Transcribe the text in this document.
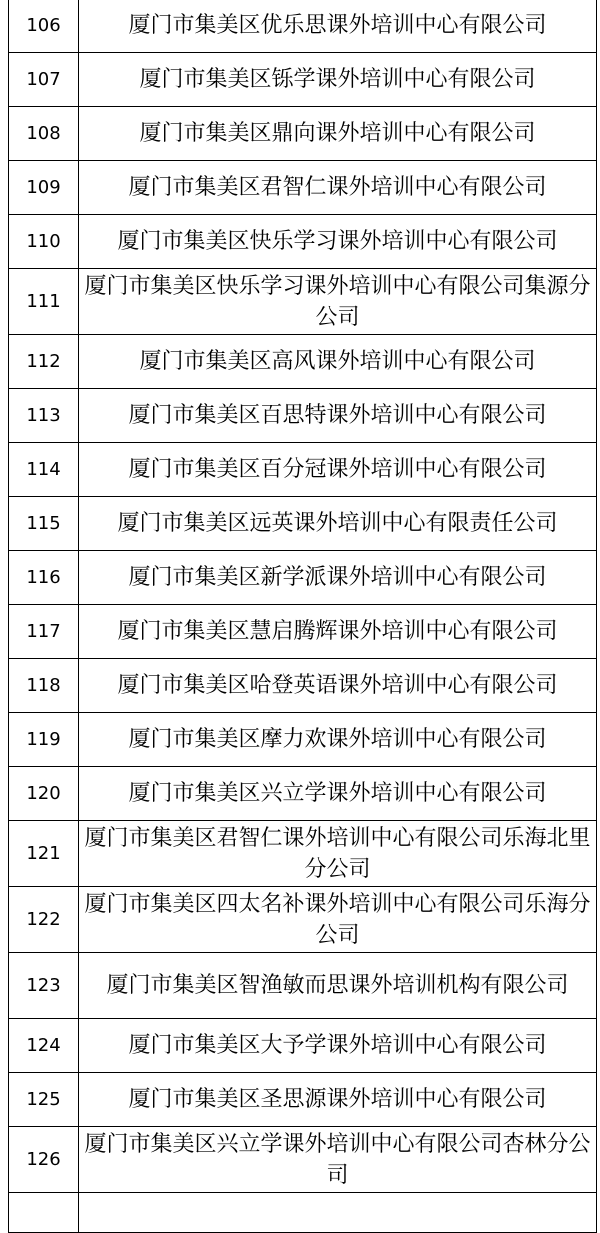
106	厦门市集美区优乐思课外培训中心有限公司
107	厦门市集美区铄学课外培训中心有限公司
108	厦门市集美区鼎向课外培训中心有限公司
109	厦门市集美区君智仁课外培训中心有限公司
110	厦门市集美区快乐学习课外培训中心有限公司
111	厦门市集美区快乐学习课外培训中心有限公司集源分公司
112	厦门市集美区高风课外培训中心有限公司
113	厦门市集美区百思特课外培训中心有限公司
114	厦门市集美区百分冠课外培训中心有限公司
115	厦门市集美区远英课外培训中心有限责任公司
116	厦门市集美区新学派课外培训中心有限公司
117	厦门市集美区慧启腾辉课外培训中心有限公司
118	厦门市集美区哈登英语课外培训中心有限公司
119	厦门市集美区摩力欢课外培训中心有限公司
120	厦门市集美区兴立学课外培训中心有限公司
121	厦门市集美区君智仁课外培训中心有限公司乐海北里分公司
122	厦门市集美区四太名补课外培训中心有限公司乐海分公司
123	厦门市集美区智渔敏而思课外培训机构有限公司
124	厦门市集美区大予学课外培训中心有限公司
125	厦门市集美区圣思源课外培训中心有限公司
126	厦门市集美区兴立学课外培训中心有限公司杏林分公司
